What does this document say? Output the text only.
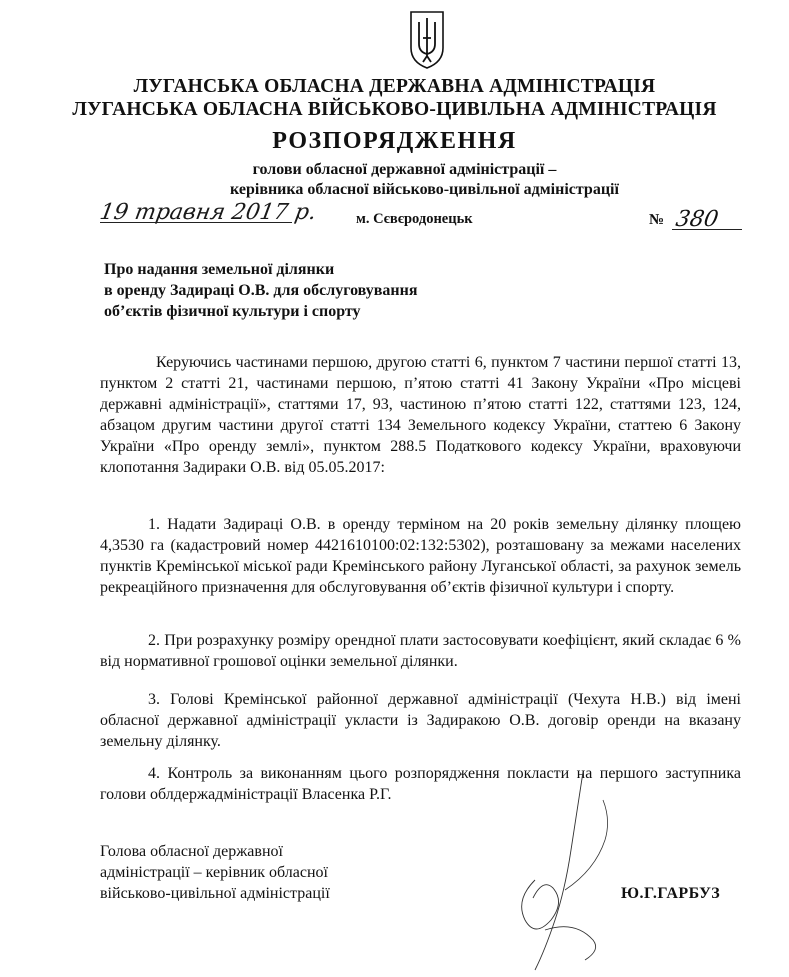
ЛУГАНСЬКА ОБЛАСНА ДЕРЖАВНА АДМІНІСТРАЦІЯ
ЛУГАНСЬКА ОБЛАСНА ВІЙСЬКОВО-ЦИВІЛЬНА АДМІНІСТРАЦІЯ
РОЗПОРЯДЖЕННЯ
голови обласної державної адміністрації –
керівника обласної військово-цивільної адміністрації
19 травня 2017 р.	м. Сєвєродонецьк	№ 380
Про надання земельної ділянки
в оренду Задираці О.В. для обслуговування
об’єктів фізичної культури і спорту
Керуючись частинами першою, другою статті 6, пунктом 7 частини першої статті 13, пунктом 2 статті 21, частинами першою, п’ятою статті 41 Закону України «Про місцеві державні адміністрації», статтями 17, 93, частиною п’ятою статті 122, статтями 123, 124, абзацом другим частини другої статті 134 Земельного кодексу України, статтею 6 Закону України «Про оренду землі», пунктом 288.5 Податкового кодексу України, враховуючи клопотання Задираки О.В. від 05.05.2017:
1. Надати Задираці О.В. в оренду терміном на 20 років земельну ділянку площею 4,3530 га (кадастровий номер 4421610100:02:132:5302), розташовану за межами населених пунктів Кремінської міської ради Кремінського району Луганської області, за рахунок земель рекреаційного призначення для обслуговування об’єктів фізичної культури і спорту.
2. При розрахунку розміру орендної плати застосовувати коефіцієнт, який складає 6 % від нормативної грошової оцінки земельної ділянки.
3. Голові Кремінської районної державної адміністрації (Чехута Н.В.) від імені обласної державної адміністрації укласти із Задиракою О.В. договір оренди на вказану земельну ділянку.
4. Контроль за виконанням цього розпорядження покласти на першого заступника голови облдержадміністрації Власенка Р.Г.
Голова обласної державної
адміністрації – керівник обласної
військово-цивільної адміністрації	Ю.Г.ГАРБУЗ
